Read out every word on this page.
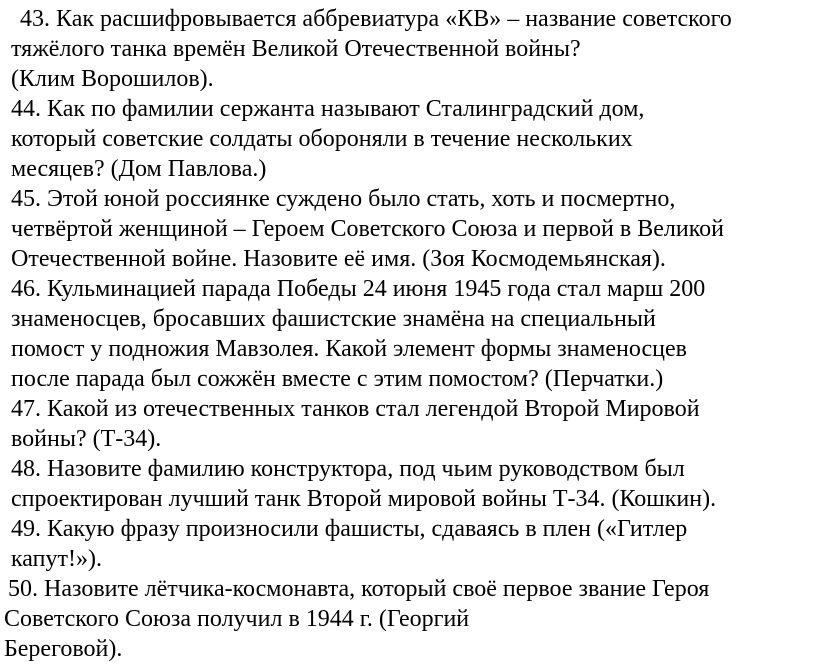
43. Как расшифровывается аббревиатура «КВ» – название советского
тяжёлого танка времён Великой Отечественной войны?
(Клим Ворошилов).
44. Как по фамилии сержанта называют Сталинградский дом,
который советские солдаты обороняли в течение нескольких
месяцев? (Дом Павлова.)
45. Этой юной россиянке суждено было стать, хоть и посмертно,
четвёртой женщиной – Героем Советского Союза и первой в Великой
Отечественной войне. Назовите её имя. (Зоя Космодемьянская).
46. Кульминацией парада Победы 24 июня 1945 года стал марш 200
знаменосцев, бросавших фашистские знамёна на специальный
помост у подножия Мавзолея. Какой элемент формы знаменосцев
после парада был сожжён вместе с этим помостом? (Перчатки.)
47. Какой из отечественных танков стал легендой Второй Мировой
войны? (Т-34).
48. Назовите фамилию конструктора, под чьим руководством был
спроектирован лучший танк Второй мировой войны Т-34. (Кошкин).
49. Какую фразу произносили фашисты, сдаваясь в плен («Гитлер
капут!»).
50. Назовите лётчика-космонавта, который своё первое звание Героя
Советского Союза получил в 1944 г. (Георгий
Береговой).
